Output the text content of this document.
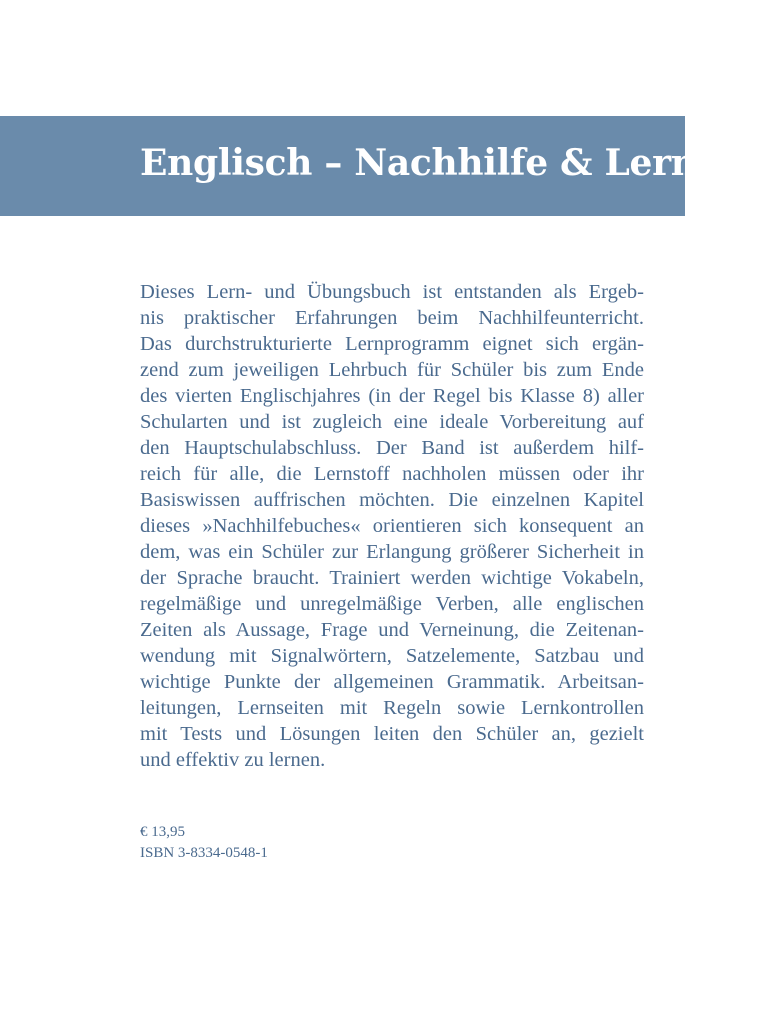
Englisch – Nachhilfe & Lernen
Dieses Lern- und Übungsbuch ist entstanden als Ergeb-
nis praktischer Erfahrungen beim Nachhilfeunterricht.
Das durchstrukturierte Lernprogramm eignet sich ergän-
zend zum jeweiligen Lehrbuch für Schüler bis zum Ende
des vierten Englischjahres (in der Regel bis Klasse 8) aller
Schularten und ist zugleich eine ideale Vorbereitung auf
den Hauptschulabschluss. Der Band ist außerdem hilf-
reich für alle, die Lernstoff nachholen müssen oder ihr
Basiswissen auffrischen möchten. Die einzelnen Kapitel
dieses »Nachhilfebuches« orientieren sich konsequent an
dem, was ein Schüler zur Erlangung größerer Sicherheit in
der Sprache braucht. Trainiert werden wichtige Vokabeln,
regelmäßige und unregelmäßige Verben, alle englischen
Zeiten als Aussage, Frage und Verneinung, die Zeitenan-
wendung mit Signalwörtern, Satzelemente, Satzbau und
wichtige Punkte der allgemeinen Grammatik. Arbeitsan-
leitungen, Lernseiten mit Regeln sowie Lernkontrollen
mit Tests und Lösungen leiten den Schüler an, gezielt
und effektiv zu lernen.
€ 13,95
ISBN 3-8334-0548-1
